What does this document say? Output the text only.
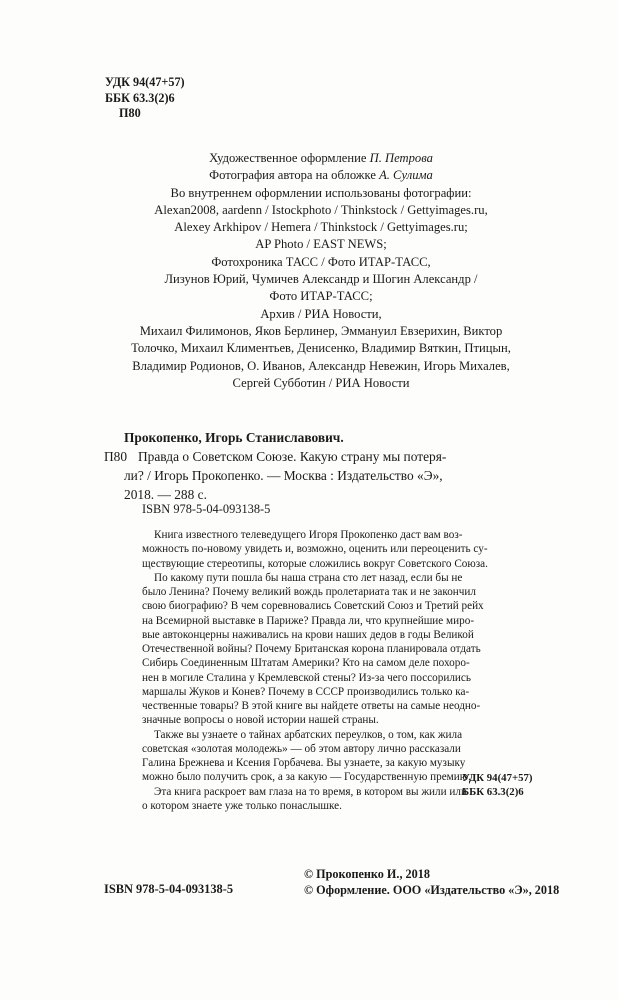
УДК 94(47+57)
ББК 63.3(2)6
П80
Художественное оформление П. Петрова
Фотография автора на обложке А. Сулима
Во внутреннем оформлении использованы фотографии:
Alexan2008, aardenn / Istockphoto / Thinkstock / Gettyimages.ru,
Alexey Arkhipov / Hemera / Thinkstock / Gettyimages.ru;
AP Photo / EAST NEWS;
Фотохроника ТАСС / Фото ИТАР-ТАСС,
Лизунов Юрий, Чумичев Александр и Шогин Александр /
Фото ИТАР-ТАСС;
Архив / РИА Новости,
Михаил Филимонов, Яков Берлинер, Эммануил Евзерихин, Виктор
Толочко, Михаил Климентьев, Денисенко, Владимир Вяткин, Птицын,
Владимир Родионов, О. Иванов, Александр Невежин, Игорь Михалев,
Сергей Субботин / РИА Новости
П80
Прокопенко, Игорь Станиславович.
Правда о Советском Союзе. Какую страну мы потеря-
ли? / Игорь Прокопенко. — Москва : Издательство «Э»,
2018. — 288 с.
ISBN 978-5-04-093138-5
Книга известного телеведущего Игоря Прокопенко даст вам воз-
можность по-новому увидеть и, возможно, оценить или переоценить су-
ществующие стереотипы, которые сложились вокруг Советского Союза.
По какому пути пошла бы наша страна сто лет назад, если бы не
было Ленина? Почему великий вождь пролетариата так и не закончил
свою биографию? В чем соревновались Советский Союз и Третий рейх
на Всемирной выставке в Париже? Правда ли, что крупнейшие миро-
вые автоконцерны наживались на крови наших дедов в годы Великой
Отечественной войны? Почему Британская корона планировала отдать
Сибирь Соединенным Штатам Америки? Кто на самом деле похоро-
нен в могиле Сталина у Кремлевской стены? Из-за чего поссорились
маршалы Жуков и Конев? Почему в СССР производились только ка-
чественные товары? В этой книге вы найдете ответы на самые неодно-
значные вопросы о новой истории нашей страны.
Также вы узнаете о тайнах арбатских переулков, о том, как жила
советская «золотая молодежь» — об этом автору лично рассказали
Галина Брежнева и Ксения Горбачева. Вы узнаете, за какую музыку
можно было получить срок, а за какую — Государственную премию.
Эта книга раскроет вам глаза на то время, в котором вы жили или
о котором знаете уже только понаслышке.
УДК 94(47+57)
ББК 63.3(2)6
ISBN 978-5-04-093138-5
© Прокопенко И., 2018
© Оформление. ООО «Издательство «Э», 2018
